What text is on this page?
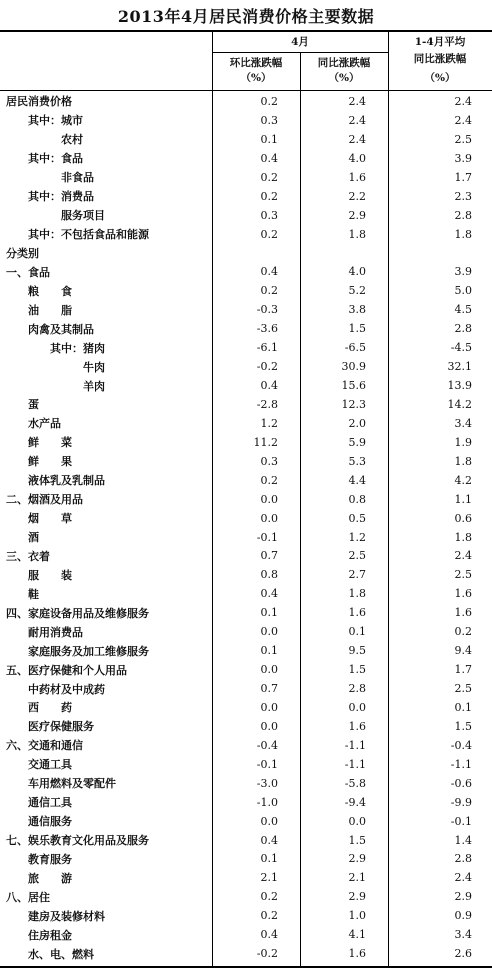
2013年4月居民消费价格主要数据
4月
环比涨跌幅
（%）
同比涨跌幅
（%）
1-4月平均
同比涨跌幅
（%）
居民消费价格	0.2	2.4	2.4
其中：城市	0.3	2.4	2.4
农村	0.1	2.4	2.5
其中：食品	0.4	4.0	3.9
非食品	0.2	1.6	1.7
其中：消费品	0.2	2.2	2.3
服务项目	0.3	2.9	2.8
其中：不包括食品和能源	0.2	1.8	1.8
分类别			
一、食品	0.4	4.0	3.9
粮　　食	0.2	5.2	5.0
油　　脂	-0.3	3.8	4.5
肉禽及其制品	-3.6	1.5	2.8
其中：猪肉	-6.1	-6.5	-4.5
牛肉	-0.2	30.9	32.1
羊肉	0.4	15.6	13.9
蛋	-2.8	12.3	14.2
水产品	1.2	2.0	3.4
鲜　　菜	11.2	5.9	1.9
鲜　　果	0.3	5.3	1.8
液体乳及乳制品	0.2	4.4	4.2
二、烟酒及用品	0.0	0.8	1.1
烟　　草	0.0	0.5	0.6
酒	-0.1	1.2	1.8
三、衣着	0.7	2.5	2.4
服　　装	0.8	2.7	2.5
鞋	0.4	1.8	1.6
四、家庭设备用品及维修服务	0.1	1.6	1.6
耐用消费品	0.0	0.1	0.2
家庭服务及加工维修服务	0.1	9.5	9.4
五、医疗保健和个人用品	0.0	1.5	1.7
中药材及中成药	0.7	2.8	2.5
西　　药	0.0	0.0	0.1
医疗保健服务	0.0	1.6	1.5
六、交通和通信	-0.4	-1.1	-0.4
交通工具	-0.1	-1.1	-1.1
车用燃料及零配件	-3.0	-5.8	-0.6
通信工具	-1.0	-9.4	-9.9
通信服务	0.0	0.0	-0.1
七、娱乐教育文化用品及服务	0.4	1.5	1.4
教育服务	0.1	2.9	2.8
旅　　游	2.1	2.1	2.4
八、居住	0.2	2.9	2.9
建房及装修材料	0.2	1.0	0.9
住房租金	0.4	4.1	3.4
水、电、燃料	-0.2	1.6	2.6
